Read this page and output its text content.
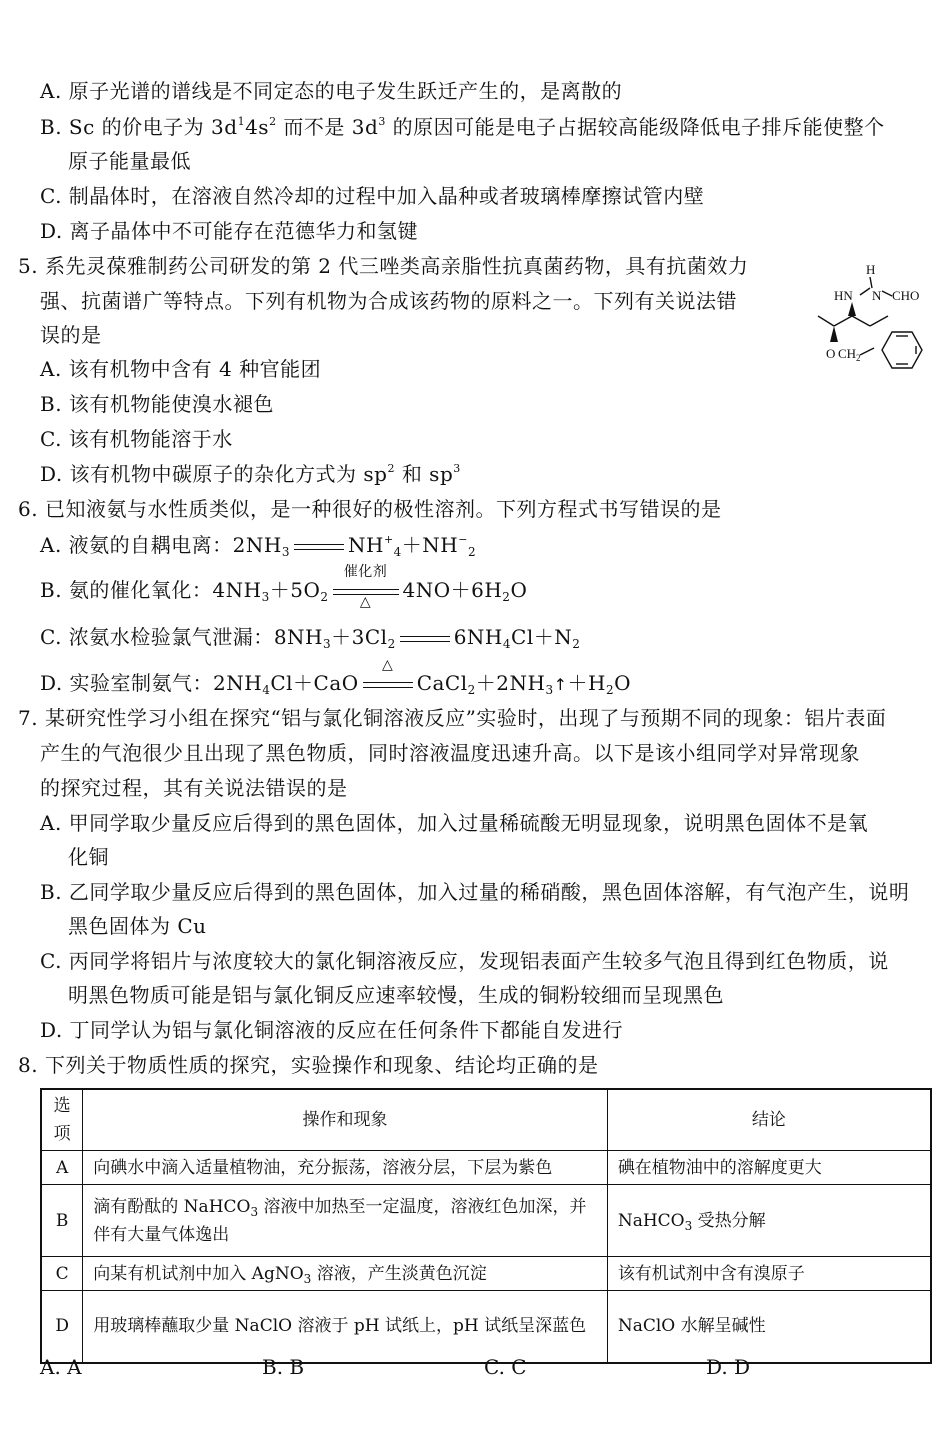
A. 原子光谱的谱线是不同定态的电子发生跃迁产生的，是离散的
B. Sc 的价电子为 $3d^14s^2$ 而不是 $3d^3$ 的原因可能是电子占据较高能级降低电子排斥能使整个
原子能量最低
C. 制晶体时，在溶液自然冷却的过程中加入晶种或者玻璃棒摩擦试管内壁
D. 离子晶体中不可能存在范德华力和氢键
5. 系先灵葆雅制药公司研发的第 2 代三唑类高亲脂性抗真菌药物，具有抗菌效力
强、抗菌谱广等特点。下列有机物为合成该药物的原料之一。下列有关说法错
误的是
A. 该有机物中含有 4 种官能团
B. 该有机物能使溴水褪色
C. 该有机物能溶于水
D. 该有机物中碳原子的杂化方式为 $sp^2$ 和 $sp^3$
H
HN N CHO
O CH 2
6. 已知液氨与水性质类似，是一种很好的极性溶剂。下列方程式书写错误的是
A. 液氨的自耦电离：$2NH_3$	$NH^+_4+NH^-_2$
B. 氨的催化氧化：$4NH_3+5O_2$
催化剂
△	$4NO+6H_2O$
C. 浓氨水检验氯气泄漏：$8NH_3+3Cl_2$	$6NH_4Cl+N_2$
D. 实验室制氨气：$2NH_4Cl+CaO$
△
$CaCl_2+2NH_3↑+H_2O$
7. 某研究性学习小组在探究“铝与氯化铜溶液反应”实验时，出现了与预期不同的现象：铝片表面
产生的气泡很少且出现了黑色物质，同时溶液温度迅速升高。以下是该小组同学对异常现象
的探究过程，其有关说法错误的是
A. 甲同学取少量反应后得到的黑色固体，加入过量稀硫酸无明显现象，说明黑色固体不是氧
化铜
B. 乙同学取少量反应后得到的黑色固体，加入过量的稀硝酸，黑色固体溶解，有气泡产生，说明
黑色固体为 Cu
C. 丙同学将铝片与浓度较大的氯化铜溶液反应，发现铝表面产生较多气泡且得到红色物质，说
明黑色物质可能是铝与氯化铜反应速率较慢，生成的铜粉较细而呈现黑色
D. 丁同学认为铝与氯化铜溶液的反应在任何条件下都能自发进行
8. 下列关于物质性质的探究，实验操作和现象、结论均正确的是
选项	操作和现象	结论
A	向碘水中滴入适量植物油，充分振荡，溶液分层，下层为紫色	碘在植物油中的溶解度更大
B	滴有酚酞的 NaHCO$_3$ 溶液中加热至一定温度，溶液红色加深，并伴有大量气体逸出	NaHCO$_3$ 受热分解
C	向某有机试剂中加入 AgNO$_3$ 溶液，产生淡黄色沉淀	该有机试剂中含有溴原子
D	用玻璃棒蘸取少量 NaClO 溶液于 pH 试纸上，pH 试纸呈深蓝色	NaClO 水解呈碱性
A. A	B. B	C. C	D. D
